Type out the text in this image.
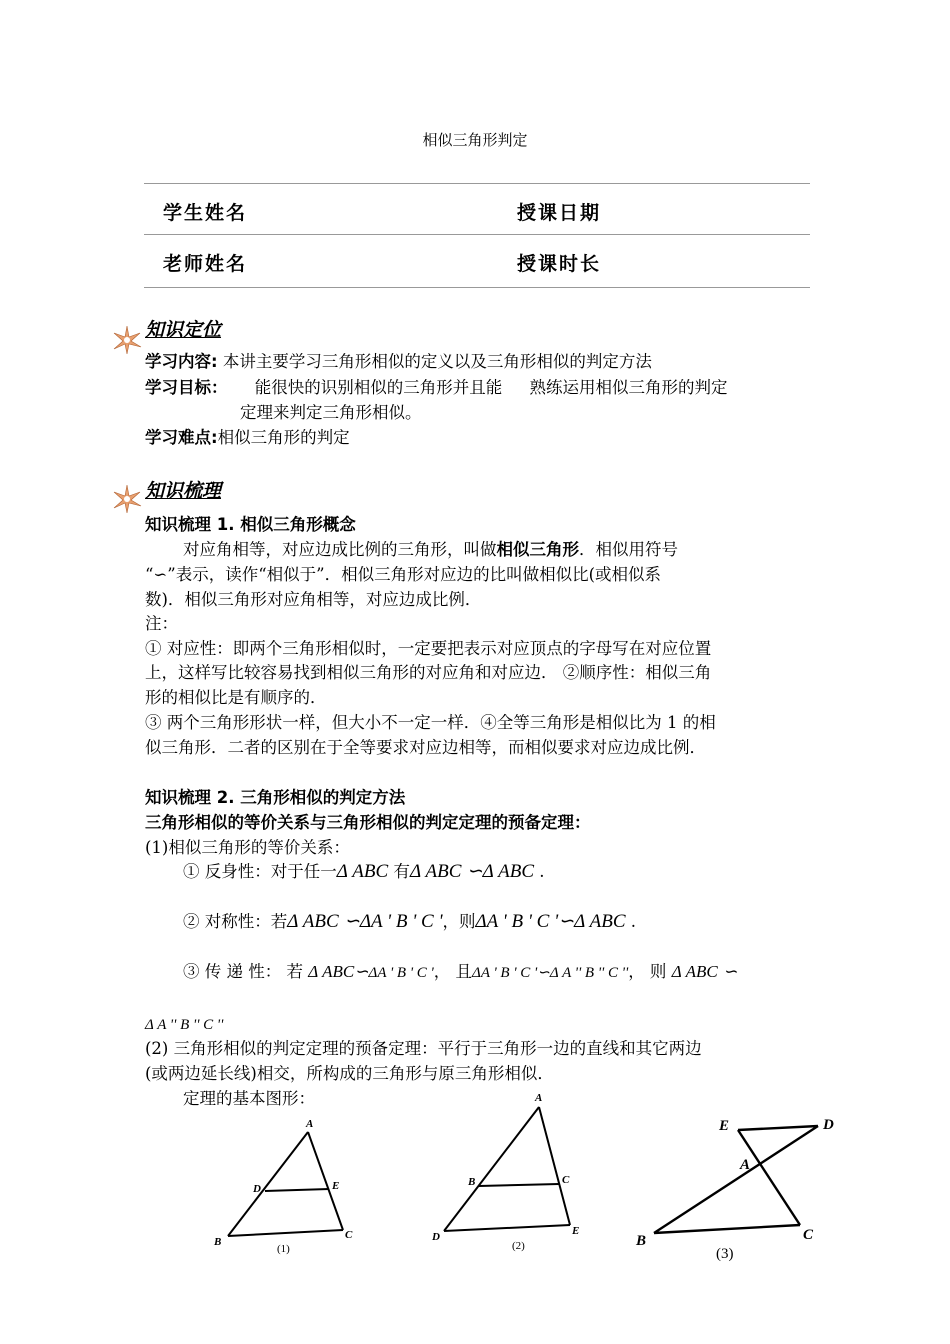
相似三角形判定
学生姓名	授课日期
老师姓名	授课时长
知识定位
学习内容: 本讲主要学习三角形相似的定义以及三角形相似的判定方法
学习目标： 能很快的识别相似的三角形并且能 熟练运用相似三角形的判定
定理来判定三角形相似。
学习难点:相似三角形的判定
知识梳理
知识梳理 1. 相似三角形概念
对应角相等，对应边成比例的三角形，叫做相似三角形．相似用符号
“∽”表示，读作“相似于”．相似三角形对应边的比叫做相似比(或相似系
数)．相似三角形对应角相等，对应边成比例．
注：
① 对应性：即两个三角形相似时，一定要把表示对应顶点的字母写在对应位置
上，这样写比较容易找到相似三角形的对应角和对应边． ②顺序性：相似三角
形的相似比是有顺序的．
③ 两个三角形形状一样，但大小不一定一样．④全等三角形是相似比为 1 的相
似三角形．二者的区别在于全等要求对应边相等，而相似要求对应边成比例．
知识梳理 2. 三角形相似的判定方法
三角形相似的等价关系与三角形相似的判定定理的预备定理：
(1)相似三角形的等价关系：
① 反身性：对于任一Δ ABC 有Δ ABC ∽Δ ABC .
② 对称性：若Δ ABC ∽ΔA ' B ' C '，则ΔA ' B ' C '∽Δ ABC .
③ 传 递 性： 若 Δ ABC∽ΔA ' B ' C '， 且ΔA ' B ' C '∽Δ A '' B '' C ''， 则 Δ ABC ∽
Δ A '' B '' C ''
(2) 三角形相似的判定定理的预备定理：平行于三角形一边的直线和其它两边
(或两边延长线)相交，所构成的三角形与原三角形相似．
定理的基本图形：
A
B
C
D	E
(1)
A
B	C
D	E
(2)
E	D
A
B	C
(3)
